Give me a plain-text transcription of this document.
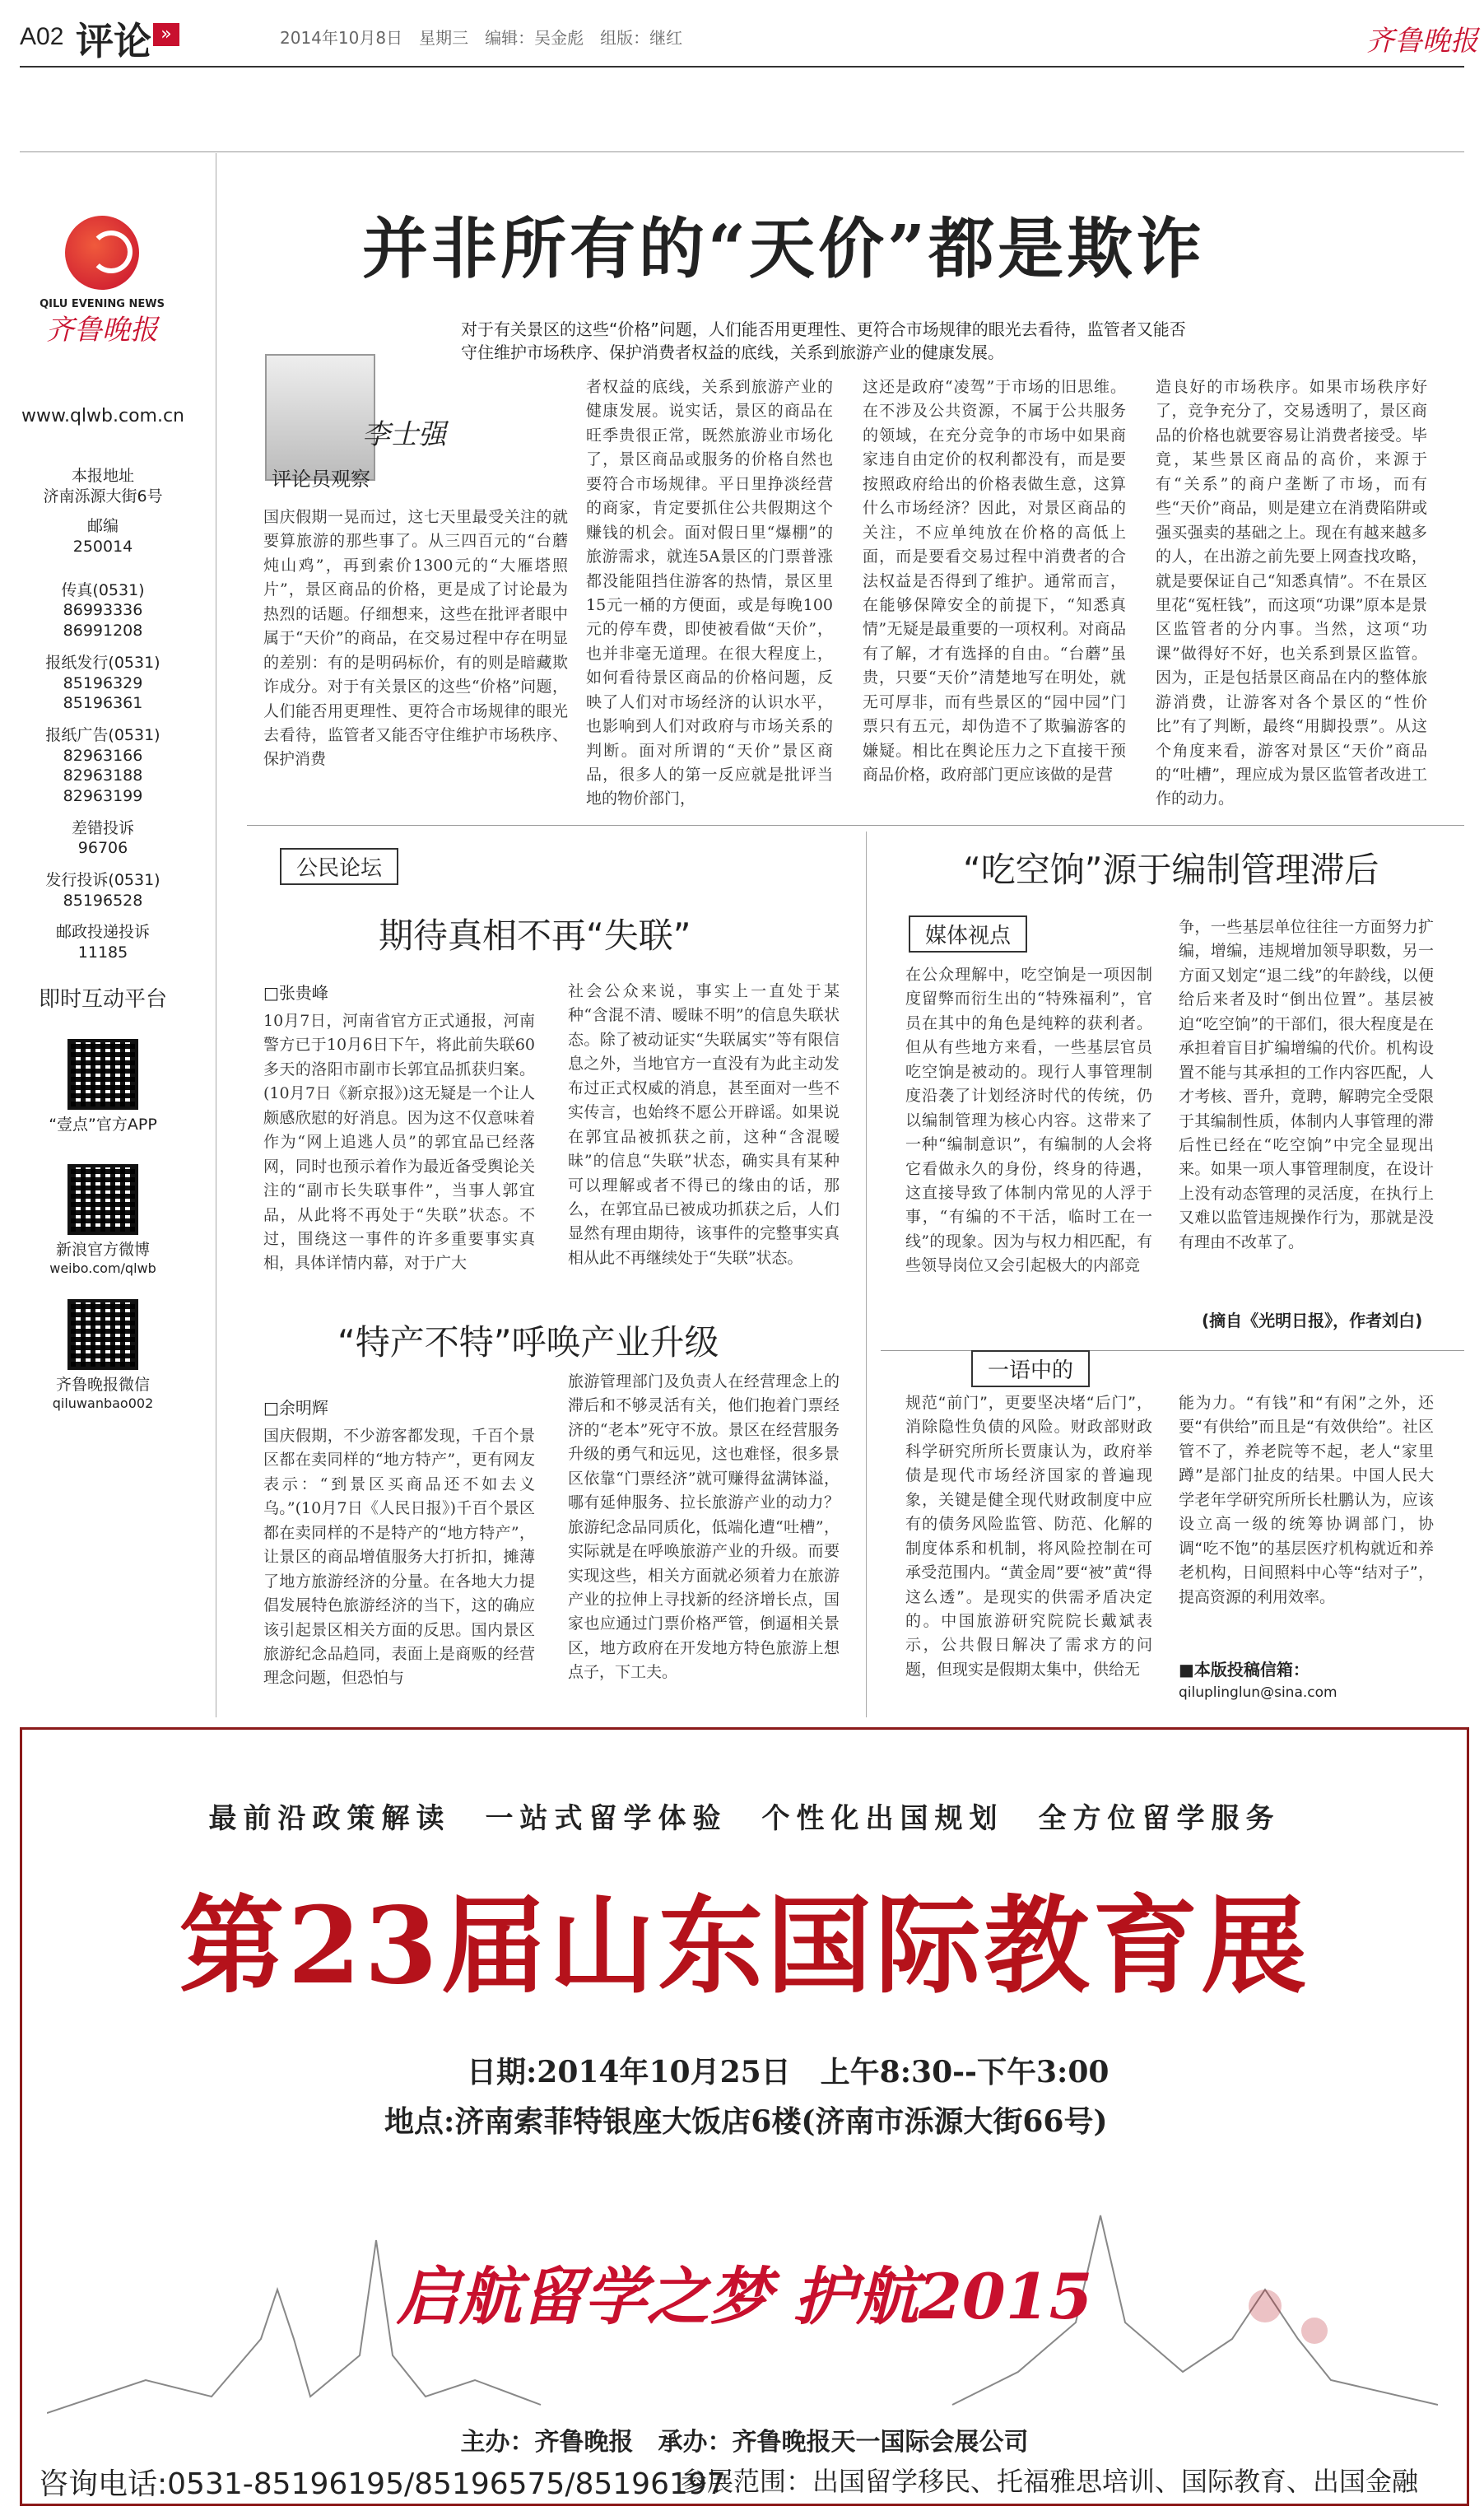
A02 评论 »	2014年10月8日　星期三　编辑：吴金彪　组版：继红	齐鲁晚报
QILU EVENING NEWS
齐鲁晚报
www.qlwb.com.cn
本报地址
济南泺源大街6号
邮编
250014
传真(0531)
86993336　86991208
报纸发行(0531)
85196329　85196361
报纸广告(0531)
82963166　82963188　82963199
差错投诉
96706
发行投诉(0531)
85196528
邮政投递投诉
11185
即时互动平台
“壹点”官方APP
新浪官方微博
weibo.com/qlwb
齐鲁晚报微信
qiluwanbao002
并非所有的“天价”都是欺诈
对于有关景区的这些“价格”问题，人们能否用更理性、更符合市场规律的眼光去看待，监管者又能否守住维护市场秩序、保护消费者权益的底线，关系到旅游产业的健康发展。
李士强
评论员观察
国庆假期一晃而过，这七天里最受关注的就要算旅游的那些事了。从三四百元的“台蘑炖山鸡”，再到索价1300元的“大雁塔照片”，景区商品的价格，更是成了讨论最为热烈的话题。仔细想来，这些在批评者眼中属于“天价”的商品，在交易过程中存在明显的差别：有的是明码标价，有的则是暗藏欺诈成分。对于有关景区的这些“价格”问题，人们能否用更理性、更符合市场规律的眼光去看待，监管者又能否守住维护市场秩序、保护消费
者权益的底线，关系到旅游产业的健康发展。说实话，景区的商品在旺季贵很正常，既然旅游业市场化了，景区商品或服务的价格自然也要符合市场规律。平日里挣淡经营的商家，肯定要抓住公共假期这个赚钱的机会。面对假日里“爆棚”的旅游需求，就连5A景区的门票普涨都没能阻挡住游客的热情，景区里15元一桶的方便面，或是每晚100元的停车费，即使被看做“天价”，也并非毫无道理。在很大程度上，如何看待景区商品的价格问题，反映了人们对市场经济的认识水平，也影响到人们对政府与市场关系的判断。面对所谓的“天价”景区商品，很多人的第一反应就是批评当地的物价部门，
这还是政府“凌驾”于市场的旧思维。在不涉及公共资源，不属于公共服务的领域，在充分竞争的市场中如果商家违自由定价的权利都没有，而是要按照政府给出的价格表做生意，这算什么市场经济？因此，对景区商品的关注，不应单纯放在价格的高低上面，而是要看交易过程中消费者的合法权益是否得到了维护。通常而言，在能够保障安全的前提下，“知悉真情”无疑是最重要的一项权利。对商品有了解，才有选择的自由。“台蘑”虽贵，只要“天价”清楚地写在明处，就无可厚非，而有些景区的“园中园”门票只有五元，却伪造不了欺骗游客的嫌疑。相比在舆论压力之下直接干预商品价格，政府部门更应该做的是营
造良好的市场秩序。如果市场秩序好了，竞争充分了，交易透明了，景区商品的价格也就要容易让消费者接受。毕竟，某些景区商品的高价，来源于有“关系”的商户垄断了市场，而有些“天价”商品，则是建立在消费陷阱或强买强卖的基础之上。现在有越来越多的人，在出游之前先要上网查找攻略，就是要保证自己“知悉真情”。不在景区里花“冤枉钱”，而这项“功课”原本是景区监管者的分内事。当然，这项“功课”做得好不好，也关系到景区监管。因为，正是包括景区商品在内的整体旅游消费，让游客对各个景区的“性价比”有了判断，最终“用脚投票”。从这个角度来看，游客对景区“天价”商品的“吐槽”，理应成为景区监管者改进工作的动力。
公民论坛
期待真相不再“失联”
□张贵峰
10月7日，河南省官方正式通报，河南警方已于10月6日下午，将此前失联60多天的洛阳市副市长郭宜品抓获归案。(10月7日《新京报》)这无疑是一个让人颇感欣慰的好消息。因为这不仅意味着作为“网上追逃人员”的郭宜品已经落网，同时也预示着作为最近备受舆论关注的“副市长失联事件”，当事人郭宜品，从此将不再处于“失联”状态。不过，围绕这一事件的许多重要事实真相，具体详情内幕，对于广大
社会公众来说，事实上一直处于某种“含混不清、暧昧不明”的信息失联状态。除了被动证实“失联属实”等有限信息之外，当地官方一直没有为此主动发布过正式权威的消息，甚至面对一些不实传言，也始终不愿公开辟谣。如果说在郭宜品被抓获之前，这种“含混暧昧”的信息“失联”状态，确实具有某种可以理解或者不得已的缘由的话，那么，在郭宜品已被成功抓获之后，人们显然有理由期待，该事件的完整事实真相从此不再继续处于“失联”状态。
“特产不特”呼唤产业升级
□余明辉
国庆假期，不少游客都发现，千百个景区都在卖同样的“地方特产”，更有网友表示：“到景区买商品还不如去义乌。”(10月7日《人民日报》)千百个景区都在卖同样的不是特产的“地方特产”，让景区的商品增值服务大打折扣，摊薄了地方旅游经济的分量。在各地大力提倡发展特色旅游经济的当下，这的确应该引起景区相关方面的反思。国内景区旅游纪念品趋同，表面上是商贩的经营理念问题，但恐怕与
旅游管理部门及负责人在经营理念上的滞后和不够灵活有关，他们抱着门票经济的“老本”死守不放。景区在经营服务升级的勇气和远见，这也难怪，很多景区依靠“门票经济”就可赚得盆满钵溢，哪有延伸服务、拉长旅游产业的动力？旅游纪念品同质化，低端化遭“吐槽”，实际就是在呼唤旅游产业的升级。而要实现这些，相关方面就必须着力在旅游产业的拉伸上寻找新的经济增长点，国家也应通过门票价格严管，倒逼相关景区，地方政府在开发地方特色旅游上想点子，下工夫。
“吃空饷”源于编制管理滞后
媒体视点
在公众理解中，吃空饷是一项因制度留弊而衍生出的“特殊福利”，官员在其中的角色是纯粹的获利者。但从有些地方来看，一些基层官员吃空饷是被动的。现行人事管理制度沿袭了计划经济时代的传统，仍以编制管理为核心内容。这带来了一种“编制意识”，有编制的人会将它看做永久的身份，终身的待遇，这直接导致了体制内常见的人浮于事，“有编的不干活，临时工在一线”的现象。因为与权力相匹配，有些领导岗位又会引起极大的内部竞
争，一些基层单位往往一方面努力扩编，增编，违规增加领导职数，另一方面又划定“退二线”的年龄线，以便给后来者及时“倒出位置”。基层被迫“吃空饷”的干部们，很大程度是在承担着盲目扩编增编的代价。机构设置不能与其承担的工作内容匹配，人才考核、晋升，竟聘，解聘完全受限于其编制性质，体制内人事管理的滞后性已经在“吃空饷”中完全显现出来。如果一项人事管理制度，在设计上没有动态管理的灵活度，在执行上又难以监管违规操作行为，那就是没有理由不改革了。
(摘自《光明日报》，作者刘白)
一语中的
规范“前门”，更要坚决堵“后门”，消除隐性负债的风险。财政部财政科学研究所所长贾康认为，政府举债是现代市场经济国家的普遍现象，关键是健全现代财政制度中应有的债务风险监管、防范、化解的制度体系和机制，将风险控制在可承受范围内。“黄金周”要“被”黄“得这么透”。是现实的供需矛盾决定的。中国旅游研究院院长戴斌表示，公共假日解决了需求方的问题，但现实是假期太集中，供给无
能为力。“有钱”和“有闲”之外，还要“有供给”而且是“有效供给”。社区管不了，养老院等不起，老人“家里蹲”是部门扯皮的结果。中国人民大学老年学研究所所长杜鹏认为，应该设立高一级的统筹协调部门，协调“吃不饱”的基层医疗机构就近和养老机构，日间照料中心等“结对子”，提高资源的利用效率。
■本版投稿信箱：
qiluplinglun@sina.com
最前沿政策解读　一站式留学体验　个性化出国规划　全方位留学服务
第23届山东国际教育展
日期:2014年10月25日　上午8:30--下午3:00
地点:济南索菲特银座大饭店6楼(济南市泺源大街66号)
启航留学之梦 护航2015
主办：齐鲁晚报　承办：齐鲁晚报天一国际会展公司
咨询电话:0531-85196195/85196575/85196197
参展范围：出国留学移民、托福雅思培训、国际教育、出国金融
